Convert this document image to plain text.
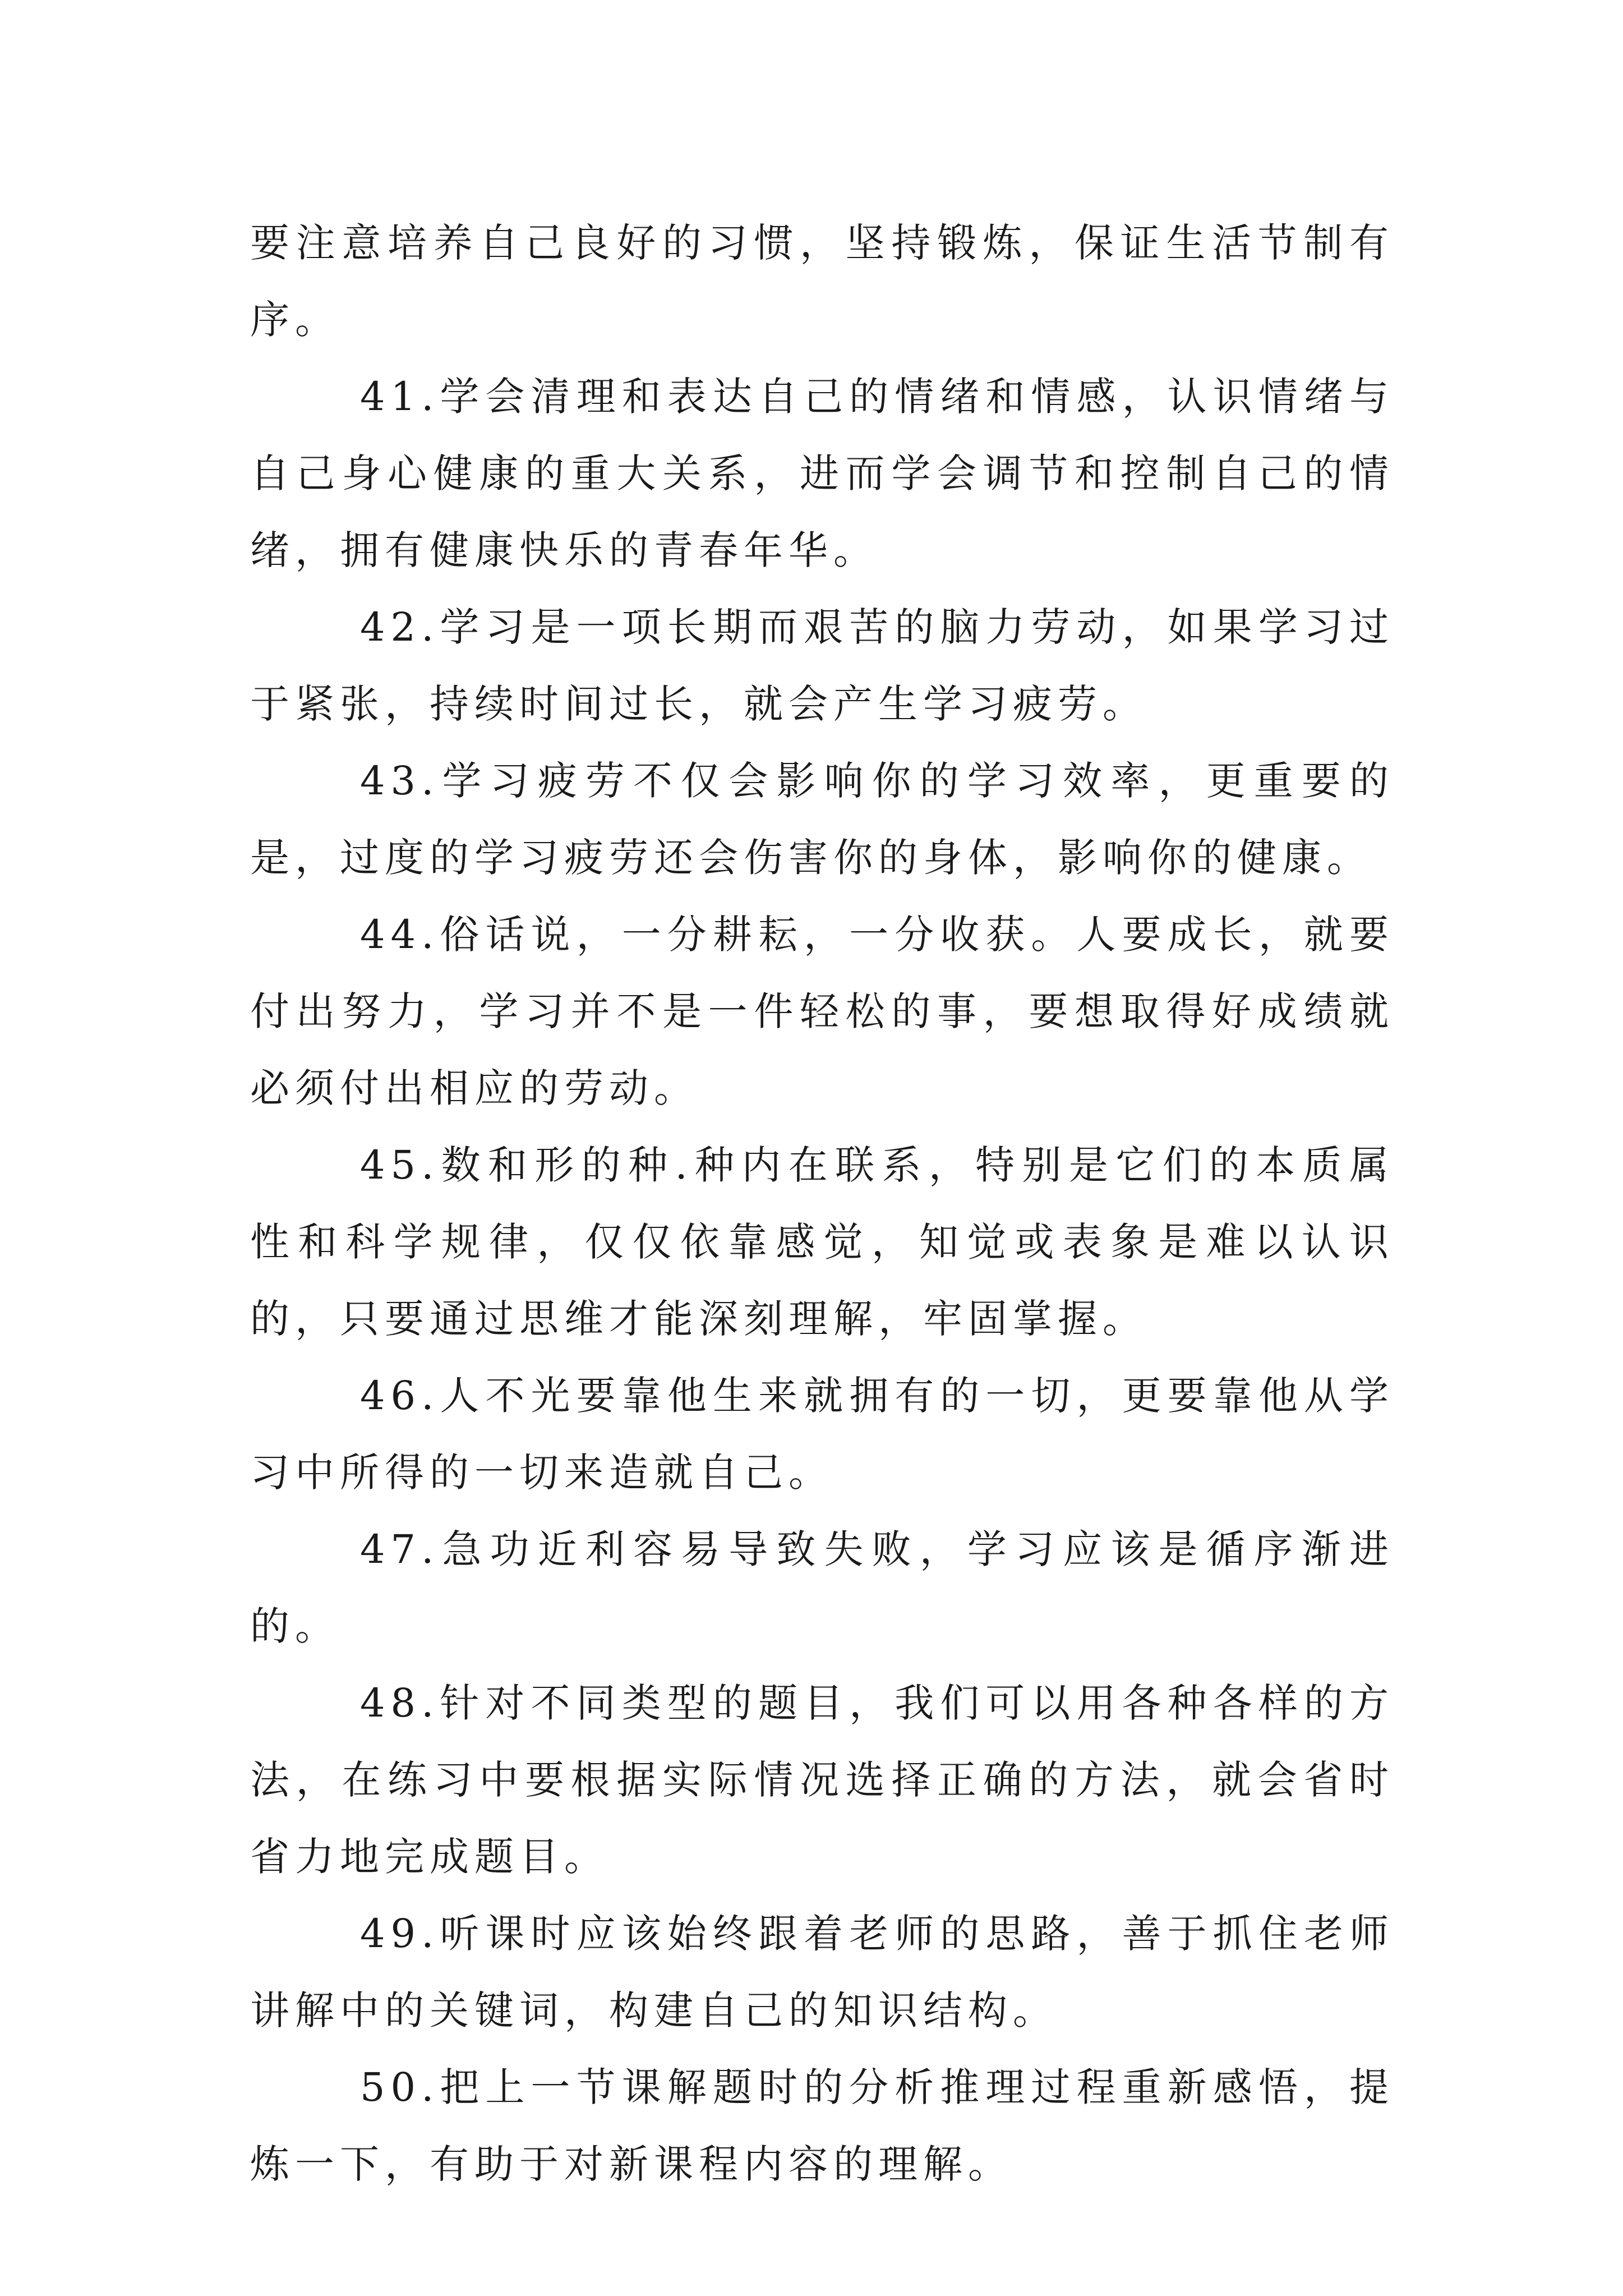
要注意培养自己良好的习惯，坚持锻炼，保证生活节制有序。

41.学会清理和表达自己的情绪和情感，认识情绪与自己身心健康的重大关系，进而学会调节和控制自己的情绪，拥有健康快乐的青春年华。

42.学习是一项长期而艰苦的脑力劳动，如果学习过于紧张，持续时间过长，就会产生学习疲劳。

43.学习疲劳不仅会影响你的学习效率，更重要的是，过度的学习疲劳还会伤害你的身体，影响你的健康。

44.俗话说，一分耕耘，一分收获。人要成长，就要付出努力，学习并不是一件轻松的事，要想取得好成绩就必须付出相应的劳动。

45.数和形的种.种内在联系，特别是它们的本质属性和科学规律，仅仅依靠感觉，知觉或表象是难以认识的，只要通过思维才能深刻理解，牢固掌握。

46.人不光要靠他生来就拥有的一切，更要靠他从学习中所得的一切来造就自己。

47.急功近利容易导致失败，学习应该是循序渐进的。

48.针对不同类型的题目，我们可以用各种各样的方法，在练习中要根据实际情况选择正确的方法，就会省时省力地完成题目。

49.听课时应该始终跟着老师的思路，善于抓住老师讲解中的关键词，构建自己的知识结构。

50.把上一节课解题时的分析推理过程重新感悟，提炼一下，有助于对新课程内容的理解。
